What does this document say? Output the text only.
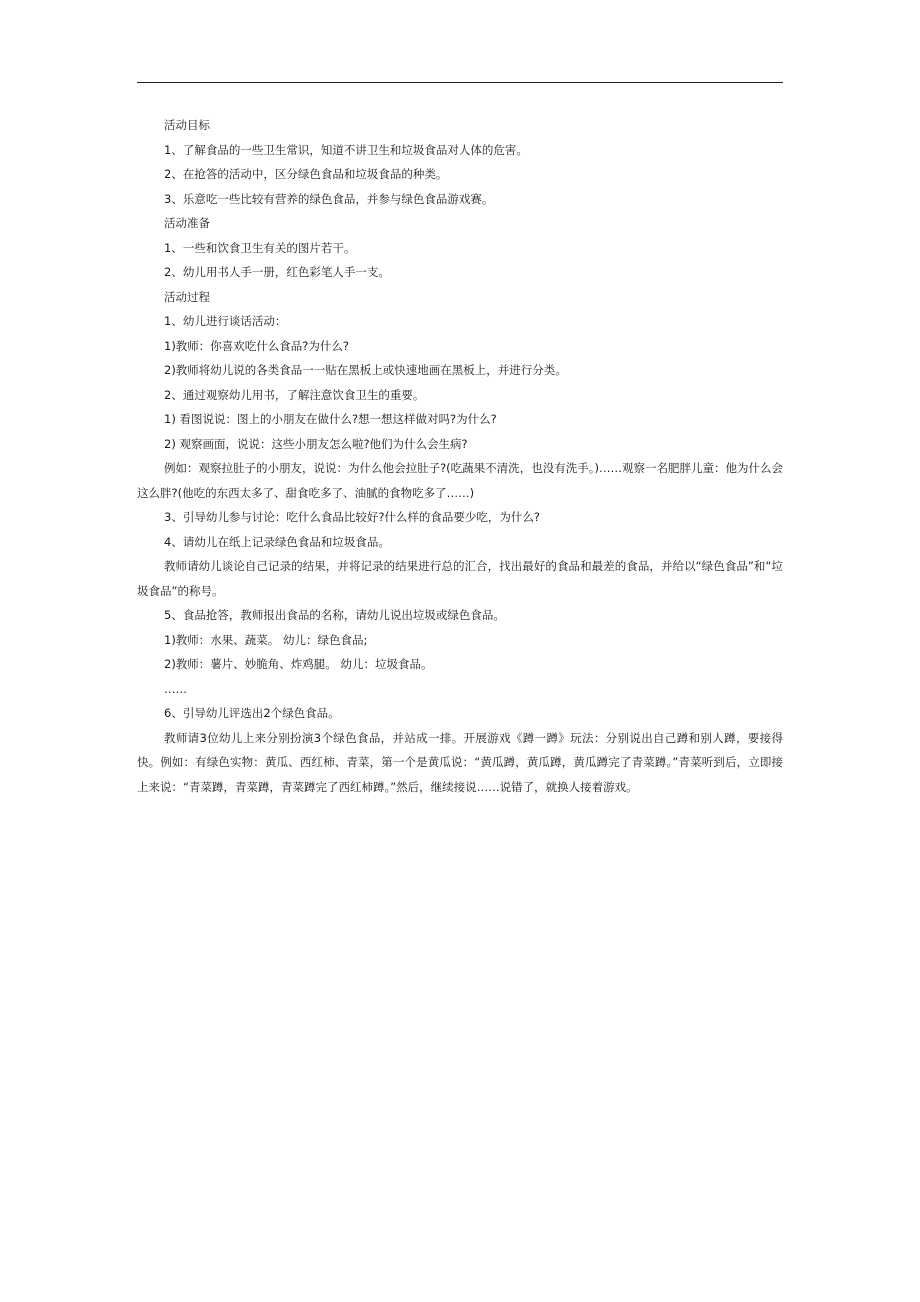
活动目标

1、了解食品的一些卫生常识，知道不讲卫生和垃圾食品对人体的危害。

2、在抢答的活动中，区分绿色食品和垃圾食品的种类。

3、乐意吃一些比较有营养的绿色食品，并参与绿色食品游戏赛。

活动准备

1、一些和饮食卫生有关的图片若干。

2、幼儿用书人手一册，红色彩笔人手一支。

活动过程

1、幼儿进行谈话活动：

1)教师：你喜欢吃什么食品?为什么?

2)教师将幼儿说的各类食品一一贴在黑板上或快速地画在黑板上，并进行分类。

2、通过观察幼儿用书，了解注意饮食卫生的重要。

1) 看图说说：图上的小朋友在做什么?想一想这样做对吗?为什么?

2) 观察画面，说说：这些小朋友怎么啦?他们为什么会生病?

例如：观察拉肚子的小朋友，说说：为什么他会拉肚子?(吃蔬果不清洗，也没有洗手。)……观察一名肥胖儿童：他为什么会这么胖?(他吃的东西太多了、甜食吃多了、油腻的食物吃多了……)

3、引导幼儿参与讨论：吃什么食品比较好?什么样的食品要少吃，为什么?

4、请幼儿在纸上记录绿色食品和垃圾食品。

教师请幼儿谈论自己记录的结果，并将记录的结果进行总的汇合，找出最好的食品和最差的食品，并给以“绿色食品”和“垃圾食品”的称号。

5、食品抢答，教师报出食品的名称，请幼儿说出垃圾或绿色食品。

1)教师：水果、蔬菜。 幼儿：绿色食品;

2)教师：薯片、妙脆角、炸鸡腿。 幼儿：垃圾食品。

……

6、引导幼儿评选出2个绿色食品。

教师请3位幼儿上来分别扮演3个绿色食品，并站成一排。开展游戏《蹲一蹲》玩法：分别说出自己蹲和别人蹲，要接得快。例如：有绿色实物：黄瓜、西红柿、青菜，第一个是黄瓜说：“黄瓜蹲，黄瓜蹲，黄瓜蹲完了青菜蹲。”青菜听到后，立即接上来说：“青菜蹲，青菜蹲，青菜蹲完了西红柿蹲。”然后，继续接说……说错了，就换人接着游戏。
